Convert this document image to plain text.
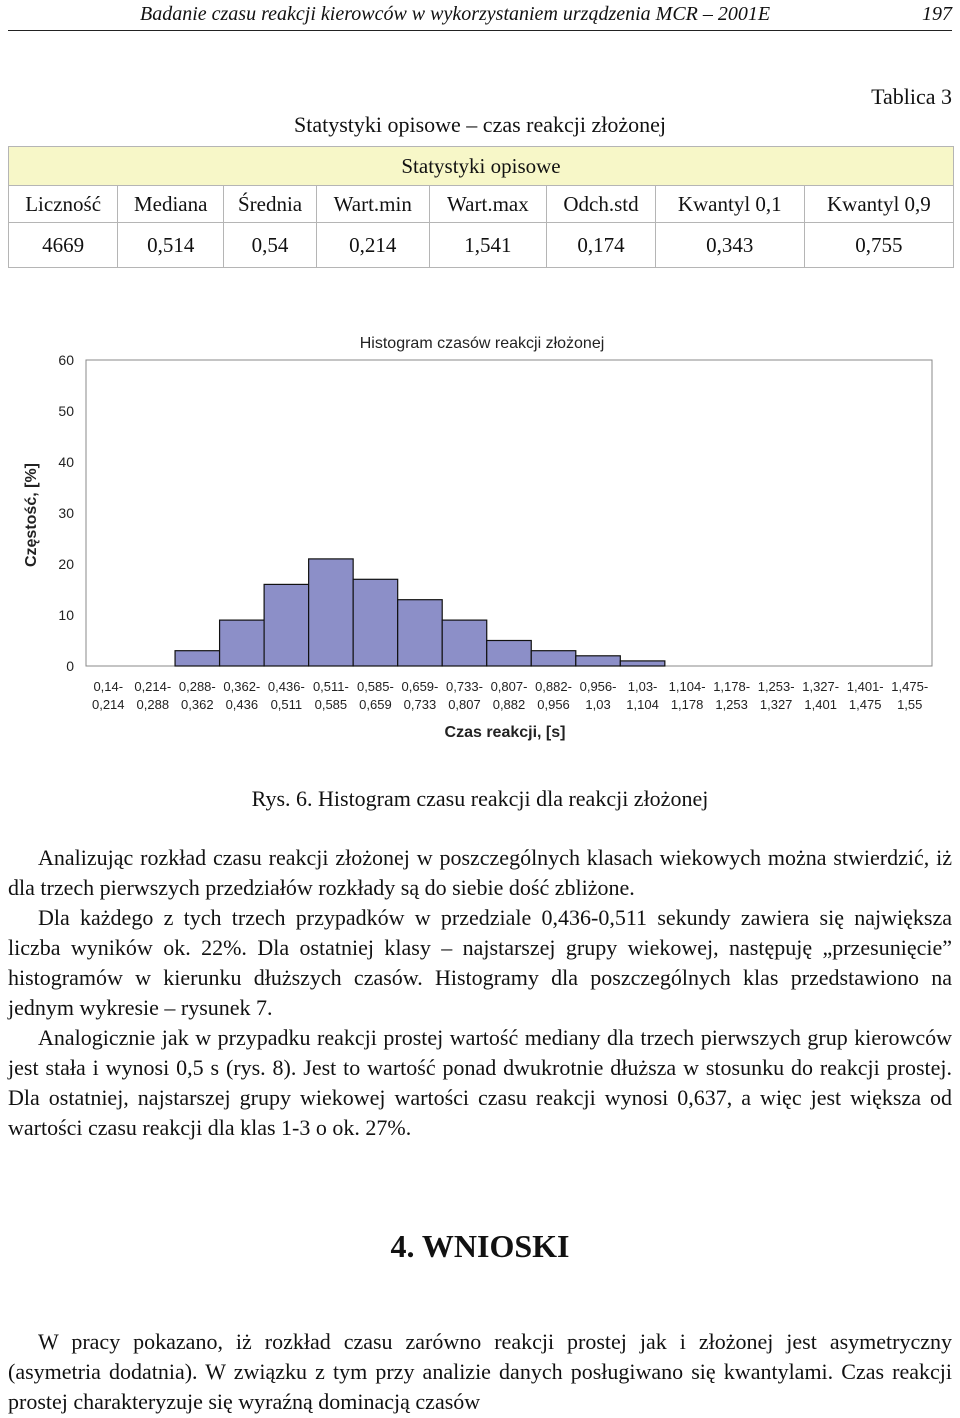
Badanie czasu reakcji kierowców w wykorzystaniem urządzenia MCR – 2001E	197
Tablica 3
Statystyki opisowe – czas reakcji złożonej
Statystyki opisowe							
Liczność	Mediana	Średnia	Wart.min	Wart.max	Odch.std	Kwantyl 0,1	Kwantyl 0,9
4669	0,514	0,54	0,214	1,541	0,174	0,343	0,755
0
10
20
30
40
50
60
0,14-
0,214
0,214-
0,288
0,288-
0,362
0,362-
0,436
0,436-
0,511
0,511-
0,585
0,585-
0,659
0,659-
0,733
0,733-
0,807
0,807-
0,882
0,882-
0,956
0,956-
1,03
1,03-
1,104
1,104-
1,178
1,178-
1,253
1,253-
1,327
1,327-
1,401
1,401-
1,475
1,475-
1,55
Histogram czasów reakcji złożonej
Czas reakcji, [s]
Częstość, [%]
Rys. 6. Histogram czasu reakcji dla reakcji złożonej

Analizując rozkład czasu reakcji złożonej w poszczególnych klasach wiekowych można stwierdzić, iż dla trzech pierwszych przedziałów rozkłady są do siebie dość zbliżone.

Dla każdego z tych trzech przypadków w przedziale 0,436-0,511 sekundy zawiera się największa liczba wyników ok. 22%. Dla ostatniej klasy – najstarszej grupy wiekowej, następuję „przesunięcie” histogramów w kierunku dłuższych czasów. Histogramy dla poszczególnych klas przedstawiono na jednym wykresie – rysunek 7.

Analogicznie jak w przypadku reakcji prostej wartość mediany dla trzech pierwszych grup kierowców jest stała i wynosi 0,5 s (rys. 8). Jest to wartość ponad dwukrotnie dłuższa w stosunku do reakcji prostej. Dla ostatniej, najstarszej grupy wiekowej wartości czasu reakcji wynosi 0,637, a więc jest większa od wartości czasu reakcji dla klas 1-3 o ok. 27%.

4. WNIOSKI

W pracy pokazano, iż rozkład czasu zarówno reakcji prostej jak i złożonej jest asymetryczny (asymetria dodatnia). W związku z tym przy analizie danych posługiwano się kwantylami. Czas reakcji prostej charakteryzuje się wyraźną dominacją czasów
